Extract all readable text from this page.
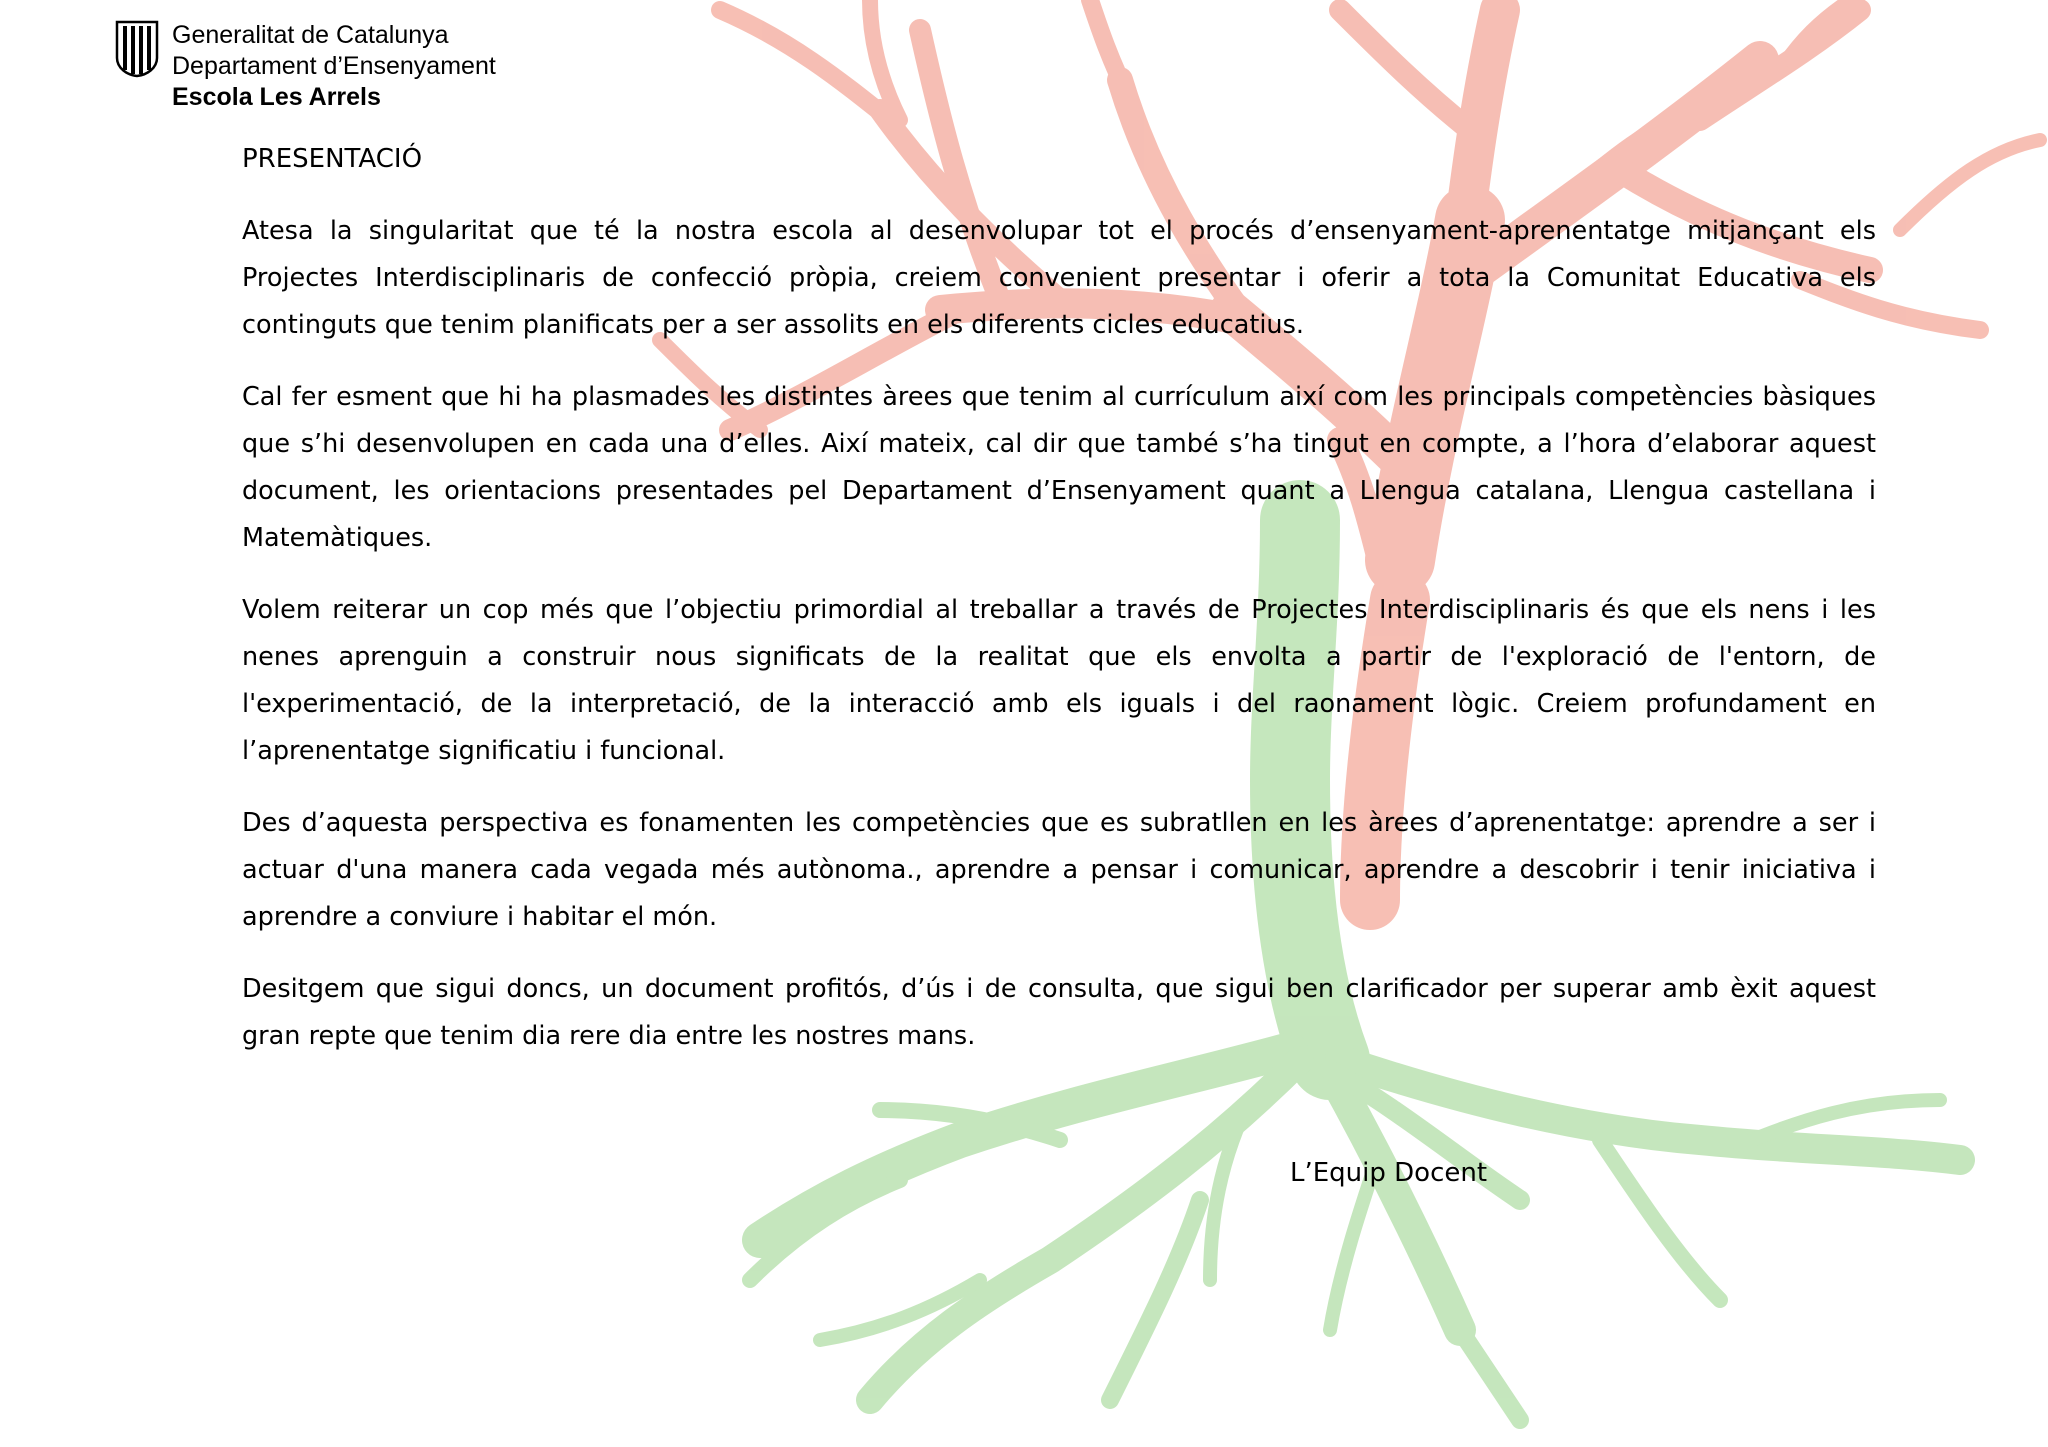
Generalitat de Catalunya
Departament d’Ensenyament
Escola Les Arrels
PRESENTACIÓ

Atesa la singularitat que té la nostra escola al desenvolupar tot el procés d’ensenyament-aprenentatge mitjançant els Projectes Interdisciplinaris de confecció pròpia, creiem convenient presentar i oferir a tota la Comunitat Educativa els continguts que tenim planificats per a ser assolits en els diferents cicles educatius.

Cal fer esment que hi ha plasmades les distintes àrees que tenim al currículum així com les principals competències bàsiques que s’hi desenvolupen en cada una d’elles. Així mateix, cal dir que també s’ha tingut en compte, a l’hora d’elaborar aquest document, les orientacions presentades pel Departament d’Ensenyament quant a Llengua catalana, Llengua castellana i Matemàtiques.

Volem reiterar un cop més que l’objectiu primordial al treballar a través de Projectes Interdisciplinaris és que els nens i les nenes aprenguin a construir nous significats de la realitat que els envolta a partir de l'exploració de l'entorn, de l'experimentació, de la interpretació, de la interacció amb els iguals i del raonament lògic. Creiem profundament en l’aprenentatge significatiu i funcional.

Des d’aquesta perspectiva es fonamenten les competències que es subratllen en les àrees d’aprenentatge: aprendre a ser i actuar d'una manera cada vegada més autònoma., aprendre a pensar i comunicar, aprendre a descobrir i tenir iniciativa i aprendre a conviure i habitar el món.

Desitgem que sigui doncs, un document profitós, d’ús i de consulta, que sigui ben clarificador per superar amb èxit aquest gran repte que tenim dia rere dia entre les nostres mans.

L’Equip Docent
